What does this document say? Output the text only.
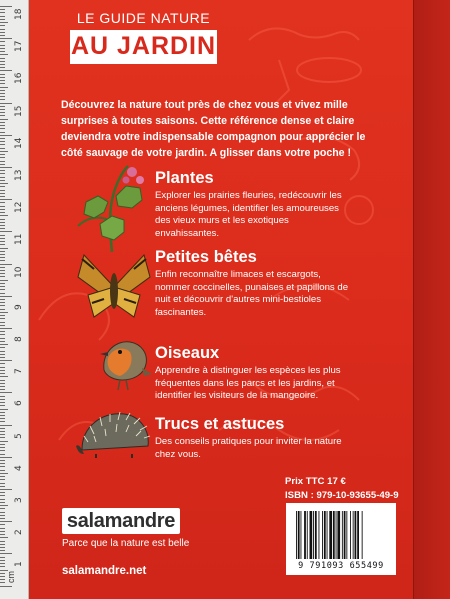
18
17
16
15
14
13
12
11
10
9
8
7
6
5
4
3
2
1
cm
LE GUIDE NATURE
AU JARDIN
Découvrez la nature tout près de chez vous et vivez mille surprises à toutes saisons. Cette référence dense et claire deviendra votre indispensable compagnon pour apprécier le côté sauvage de votre jardin. A glisser dans votre poche !
Plantes

Explorer les prairies fleuries, redécouvrir les anciens légumes, identifier les amoureuses des vieux murs et les exotiques envahissantes.

Petites bêtes

Enfin reconnaître limaces et escargots, nommer coccinelles, punaises et papillons de nuit et découvrir d'autres mini-bestioles fascinantes.

Oiseaux

Apprendre à distinguer les espèces les plus fréquentes dans les parcs et les jardins, et identifier les visiteurs de la mangeoire.

Trucs et astuces

Des conseils pratiques pour inviter la nature chez vous.

Prix TTC 17 €
ISBN : 979-10-93655-49-9
9 791093 655499
salamandre
Parce que la nature est belle
salamandre.net
